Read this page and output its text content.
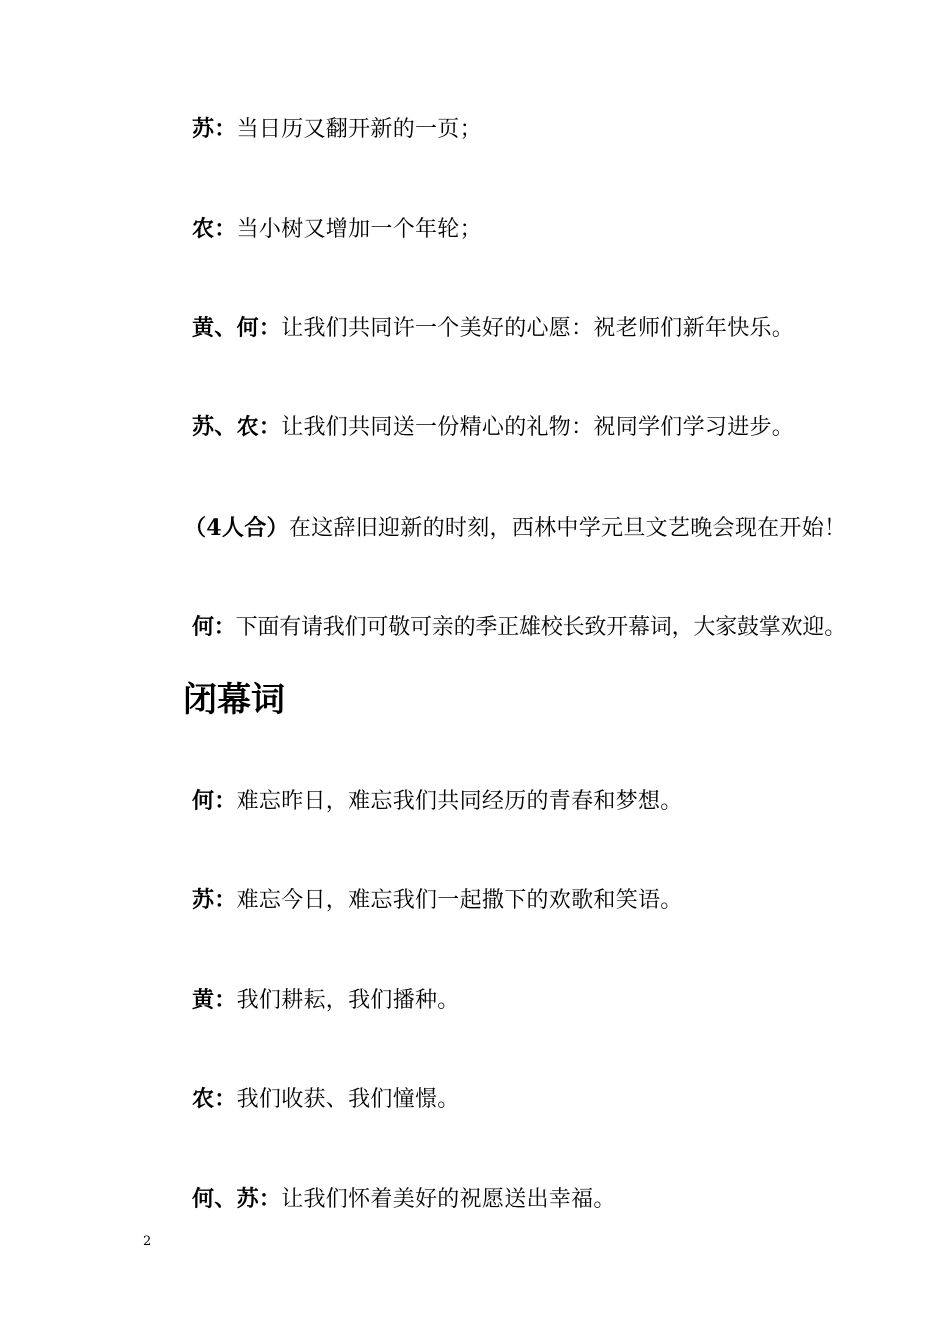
苏：当日历又翻开新的一页；
农：当小树又增加一个年轮；
黄、何：让我们共同许一个美好的心愿：祝老师们新年快乐。
苏、农：让我们共同送一份精心的礼物：祝同学们学习进步。
（4人合）在这辞旧迎新的时刻，西林中学元旦文艺晚会现在开始！
何：下面有请我们可敬可亲的季正雄校长致开幕词，大家鼓掌欢迎。
闭幕词
何：难忘昨日，难忘我们共同经历的青春和梦想。
苏：难忘今日，难忘我们一起撒下的欢歌和笑语。
黄：我们耕耘，我们播种。
农：我们收获、我们憧憬。
何、苏：让我们怀着美好的祝愿送出幸福。
2
